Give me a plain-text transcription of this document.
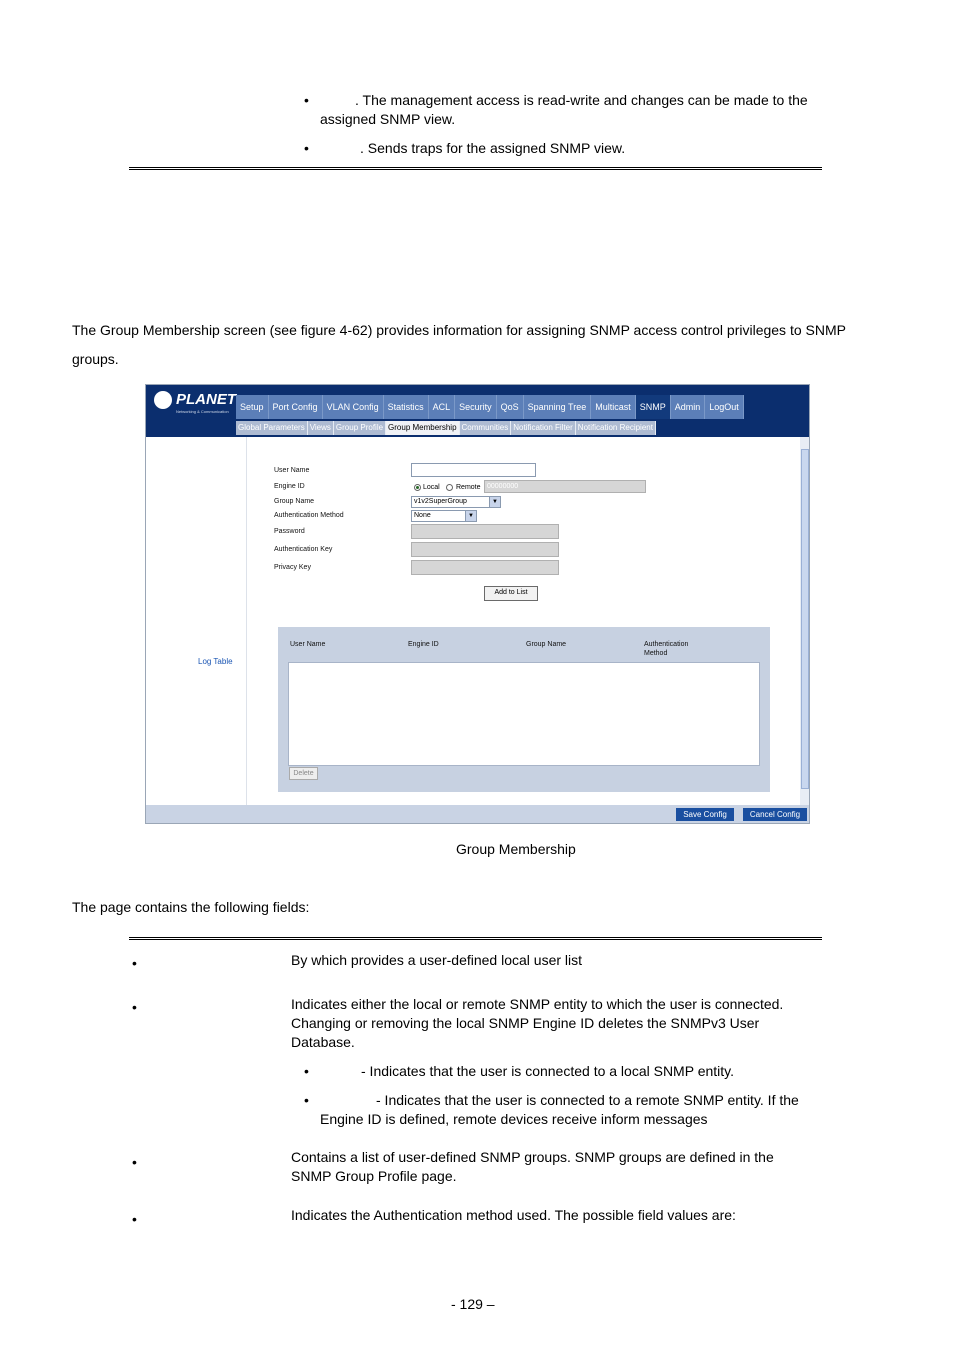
•	. The management access is read-write and changes can be made to the
assigned SNMP view.
•	. Sends traps for the assigned SNMP view.
The Group Membership screen (see figure 4-62) provides information for assigning SNMP access control privileges to SNMP
groups.
PLANET
Networking & Communication	Setup	Port Config	VLAN Config	Statistics	ACL	Security	QoS	Spanning Tree	Multicast	SNMP	Admin	LogOut
Global Parameters Views Group Profile Group Membership Communities Notification Filter Notification Recipient
Log Table
User Name
Engine ID	Local Remote 00000000
Group Name	v1v2SuperGroup	▼
Authentication Method	None	▼
Password
Authentication Key
Privacy Key
Add to List
User Name	Engine ID	Group Name	Authentication
Method
Delete
Save Config	Cancel Config
Group Membership
The page contains the following fields:
•	By which provides a user-defined local user list
•	Indicates either the local or remote SNMP entity to which the user is connected.
Changing or removing the local SNMP Engine ID deletes the SNMPv3 User
Database.
•	- Indicates that the user is connected to a local SNMP entity.
•	- Indicates that the user is connected to a remote SNMP entity. If the
Engine ID is defined, remote devices receive inform messages
•	Contains a list of user-defined SNMP groups. SNMP groups are defined in the
SNMP Group Profile page.
•	Indicates the Authentication method used. The possible field values are:
- 129 –
